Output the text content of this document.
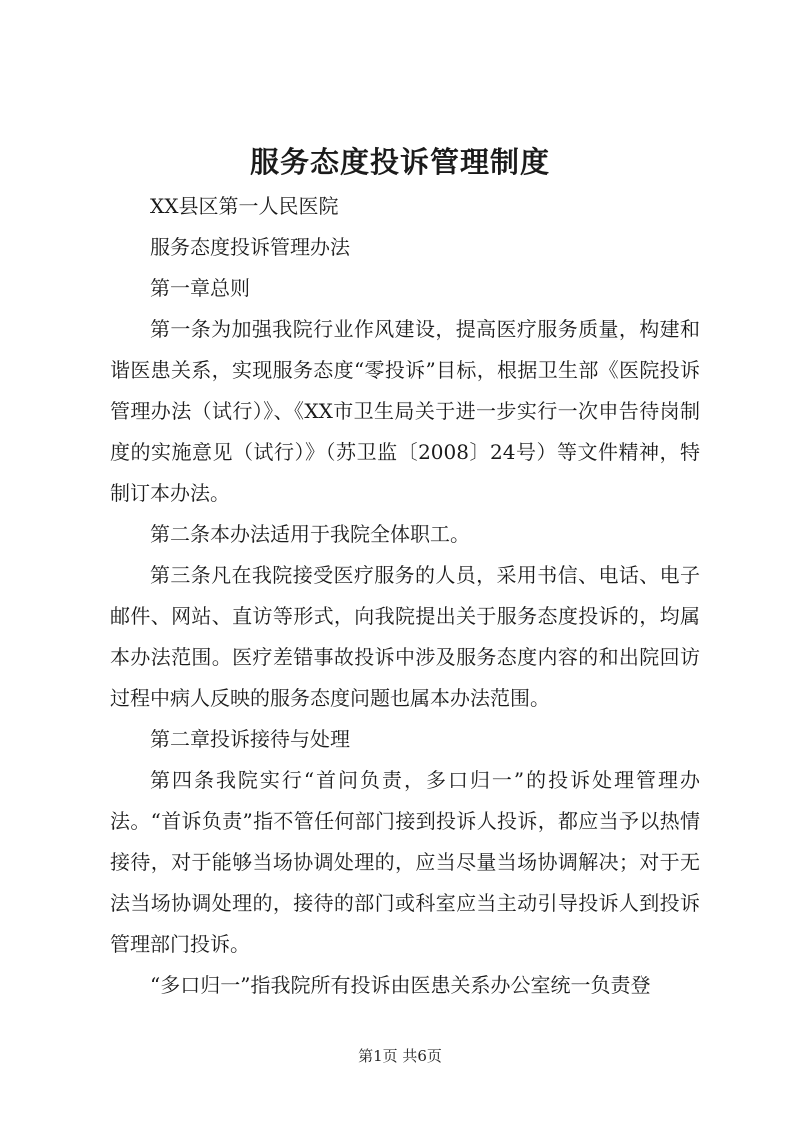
服务态度投诉管理制度

XX县区第一人民医院

服务态度投诉管理办法

第一章总则

第一条为加强我院行业作风建设，提高医疗服务质量，构建和谐医患关系，实现服务态度“零投诉”目标，根据卫生部《医院投诉管理办法（试行）》、《XX市卫生局关于进一步实行一次申告待岗制度的实施意见（试行）》（苏卫监〔2008〕24号）等文件精神，特制订本办法。

第二条本办法适用于我院全体职工。

第三条凡在我院接受医疗服务的人员，采用书信、电话、电子邮件、网站、直访等形式，向我院提出关于服务态度投诉的，均属本办法范围。医疗差错事故投诉中涉及服务态度内容的和出院回访过程中病人反映的服务态度问题也属本办法范围。

第二章投诉接待与处理

第四条我院实行“首问负责，多口归一”的投诉处理管理办法。“首诉负责”指不管任何部门接到投诉人投诉，都应当予以热情接待，对于能够当场协调处理的，应当尽量当场协调解决；对于无法当场协调处理的，接待的部门或科室应当主动引导投诉人到投诉管理部门投诉。

“多口归一”指我院所有投诉由医患关系办公室统一负责登

第1页 共6页
